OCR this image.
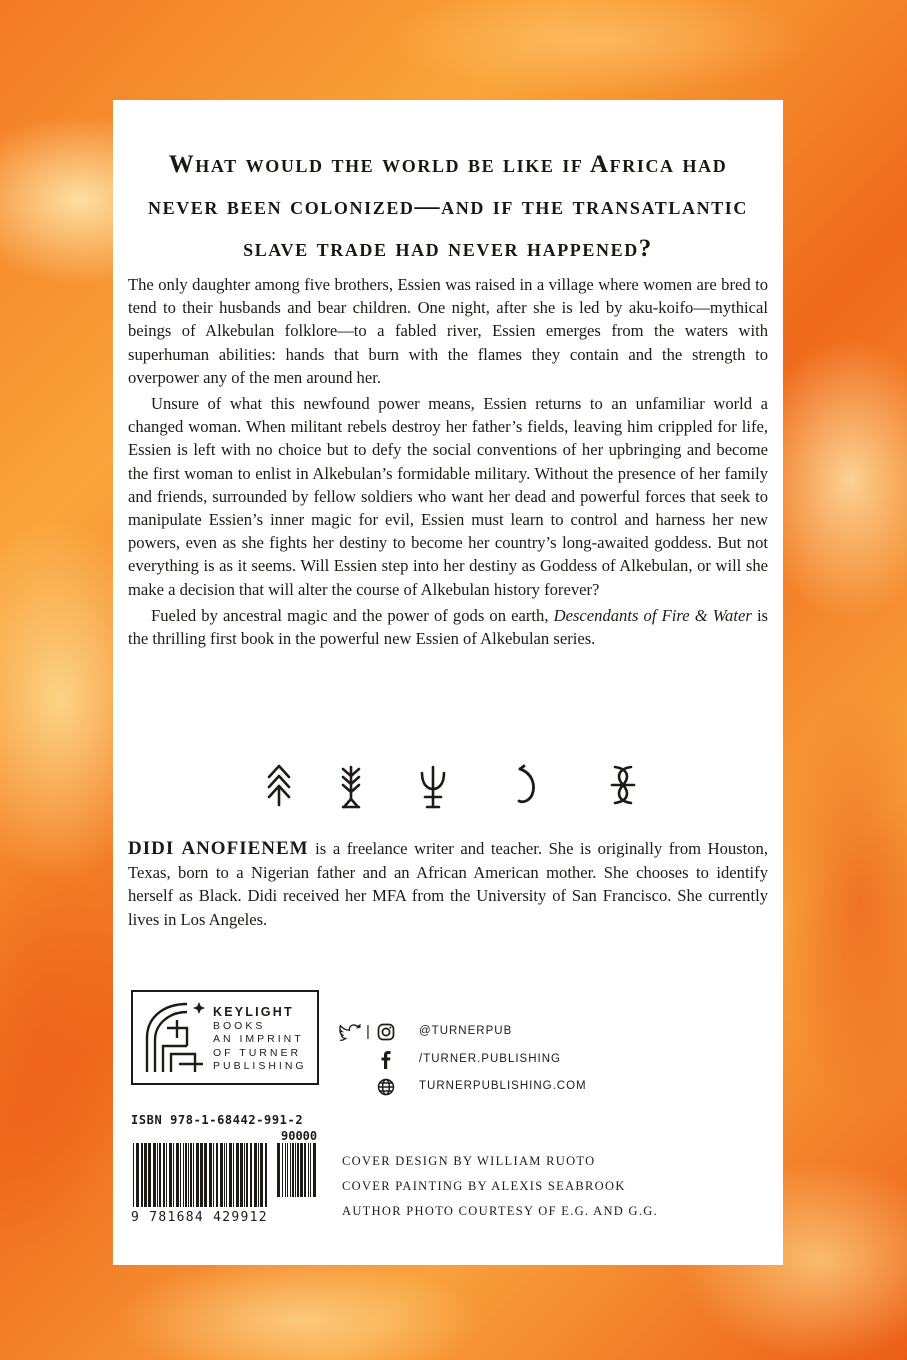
What would the world be like if Africa had
never been colonized—and if the transatlantic
slave trade had never happened?

The only daughter among five brothers, Essien was raised in a village where women are bred to tend to their husbands and bear children. One night, after she is led by aku-koifo—mythical beings of Alkebulan folklore—to a fabled river, Essien emerges from the waters with superhuman abilities: hands that burn with the flames they contain and the strength to overpower any of the men around her.

Unsure of what this newfound power means, Essien returns to an unfamiliar world a changed woman. When militant rebels destroy her father’s fields, leaving him crippled for life, Essien is left with no choice but to defy the social conventions of her upbringing and become the first woman to enlist in Alkebulan’s formidable military. Without the presence of her family and friends, surrounded by fellow soldiers who want her dead and powerful forces that seek to manipulate Essien’s inner magic for evil, Essien must learn to control and harness her new powers, even as she fights her destiny to become her country’s long-awaited goddess. But not everything is as it seems. Will Essien step into her destiny as Goddess of Alkebulan, or will she make a decision that will alter the course of Alkebulan history forever?

Fueled by ancestral magic and the power of gods on earth, Descendants of Fire & Water is the thrilling first book in the powerful new Essien of Alkebulan series.

DIDI ANOFIENEM is a freelance writer and teacher. She is originally from Houston, Texas, born to a Nigerian father and an African American mother. She chooses to identify herself as Black. Didi received her MFA from the University of San Francisco. She currently lives in Los Angeles.
KEYLIGHT
BOOKS
AN IMPRINT
OF TURNER
PUBLISHING
|	@TURNERPUB
/TURNER.PUBLISHING
TURNERPUBLISHING.COM
ISBN 978-1-68442-991-2
90000
9 781684 429912
COVER DESIGN BY WILLIAM RUOTO
COVER PAINTING BY ALEXIS SEABROOK
AUTHOR PHOTO COURTESY OF E.G. AND G.G.
